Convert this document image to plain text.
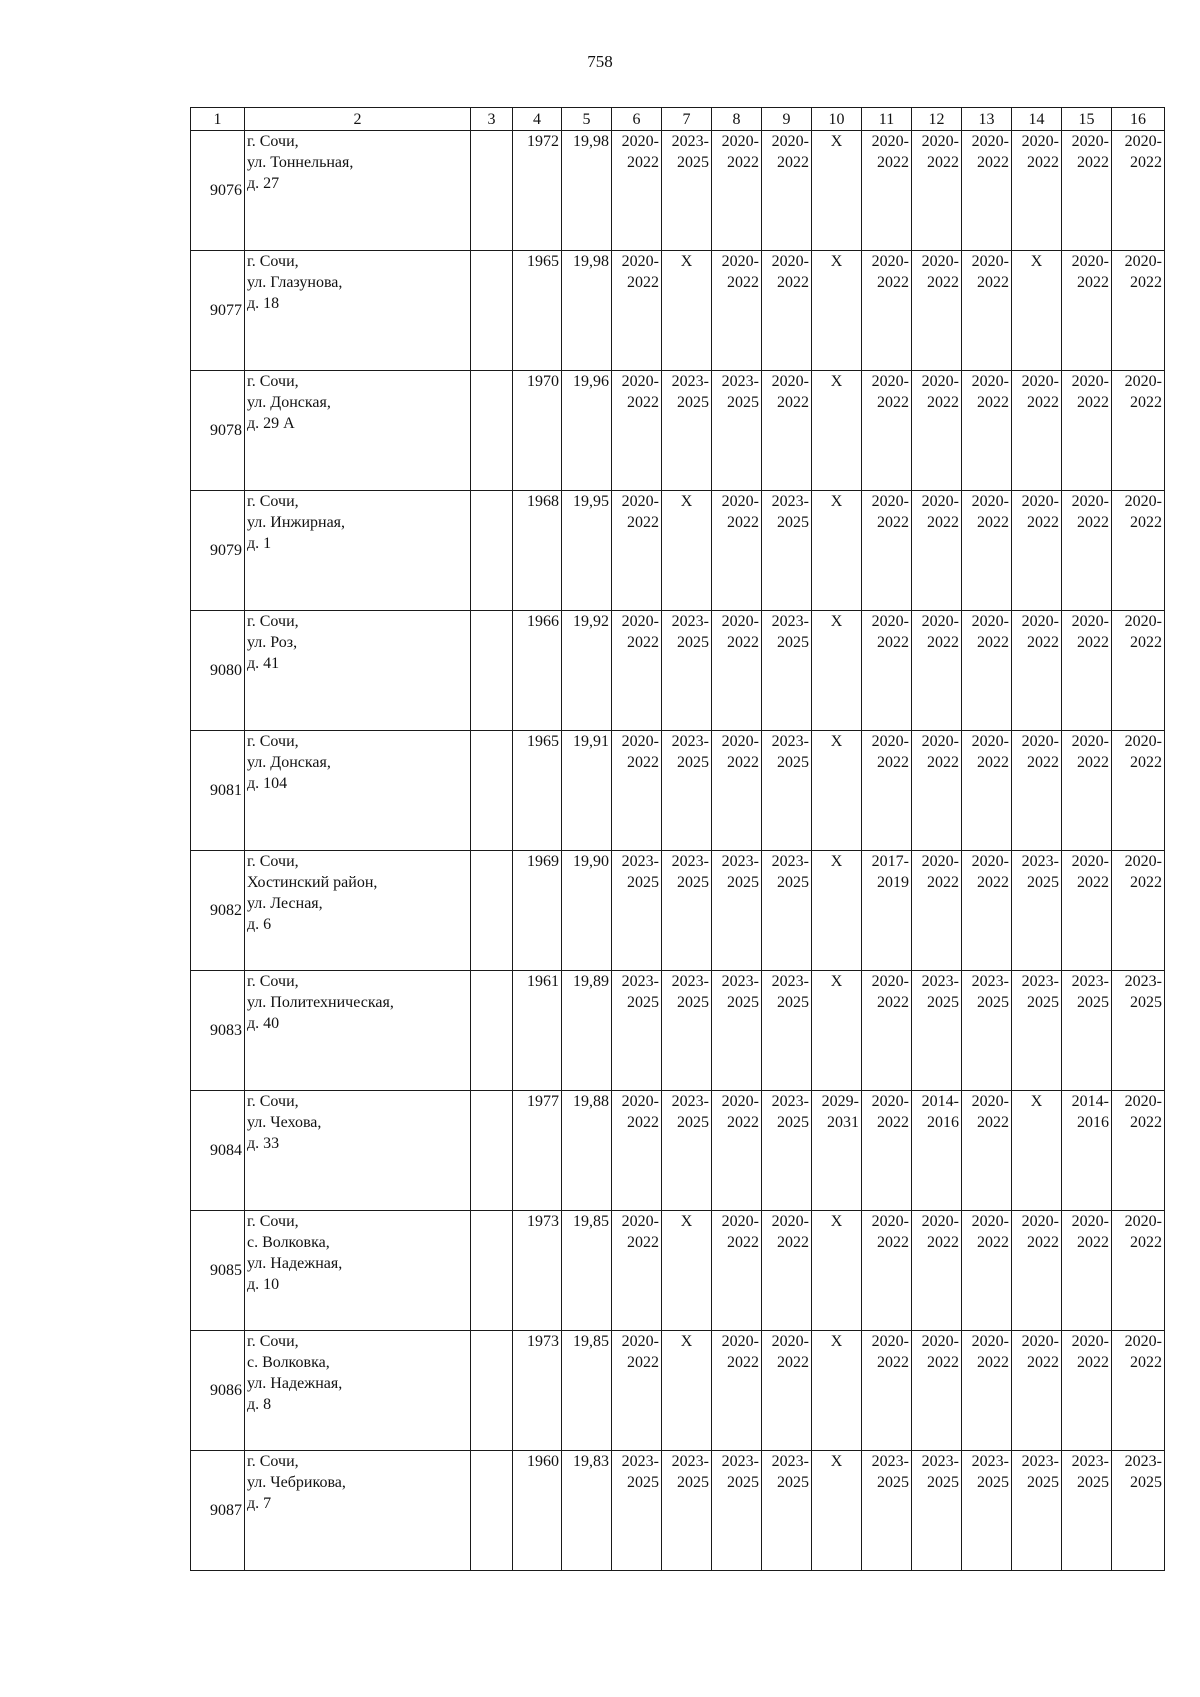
758
1	2	3	4	5	6	7	8	9	10	11	12	13	14	15	16
9076	г. Сочи,
ул. Тоннельная,
д. 27		1972	19,98	2020-
2022	2023-
2025	2020-
2022	2020-
2022	X	2020-
2022	2020-
2022	2020-
2022	2020-
2022	2020-
2022	2020-
2022

9077	г. Сочи,
ул. Глазунова,
д. 18		1965	19,98	2020-
2022	X	2020-
2022	2020-
2022	X	2020-
2022	2020-
2022	2020-
2022	X	2020-
2022	2020-
2022

9078	г. Сочи,
ул. Донская,
д. 29 А		1970	19,96	2020-
2022	2023-
2025	2023-
2025	2020-
2022	X	2020-
2022	2020-
2022	2020-
2022	2020-
2022	2020-
2022	2020-
2022

9079	г. Сочи,
ул. Инжирная,
д. 1		1968	19,95	2020-
2022	X	2020-
2022	2023-
2025	X	2020-
2022	2020-
2022	2020-
2022	2020-
2022	2020-
2022	2020-
2022

9080	г. Сочи,
ул. Роз,
д. 41		1966	19,92	2020-
2022	2023-
2025	2020-
2022	2023-
2025	X	2020-
2022	2020-
2022	2020-
2022	2020-
2022	2020-
2022	2020-
2022

9081	г. Сочи,
ул. Донская,
д. 104		1965	19,91	2020-
2022	2023-
2025	2020-
2022	2023-
2025	X	2020-
2022	2020-
2022	2020-
2022	2020-
2022	2020-
2022	2020-
2022

9082	г. Сочи,
Хостинский район,
ул. Лесная,
д. 6		1969	19,90	2023-
2025	2023-
2025	2023-
2025	2023-
2025	X	2017-
2019	2020-
2022	2020-
2022	2023-
2025	2020-
2022	2020-
2022

9083	г. Сочи,
ул. Политехническая,
д. 40		1961	19,89	2023-
2025	2023-
2025	2023-
2025	2023-
2025	X	2020-
2022	2023-
2025	2023-
2025	2023-
2025	2023-
2025	2023-
2025

9084	г. Сочи,
ул. Чехова,
д. 33		1977	19,88	2020-
2022	2023-
2025	2020-
2022	2023-
2025	2029-
2031	2020-
2022	2014-
2016	2020-
2022	X	2014-
2016	2020-
2022

9085	г. Сочи,
с. Волковка,
ул. Надежная,
д. 10		1973	19,85	2020-
2022	X	2020-
2022	2020-
2022	X	2020-
2022	2020-
2022	2020-
2022	2020-
2022	2020-
2022	2020-
2022

9086	г. Сочи,
с. Волковка,
ул. Надежная,
д. 8		1973	19,85	2020-
2022	X	2020-
2022	2020-
2022	X	2020-
2022	2020-
2022	2020-
2022	2020-
2022	2020-
2022	2020-
2022

9087	г. Сочи,
ул. Чебрикова,
д. 7		1960	19,83	2023-
2025	2023-
2025	2023-
2025	2023-
2025	X	2023-
2025	2023-
2025	2023-
2025	2023-
2025	2023-
2025	2023-
2025
